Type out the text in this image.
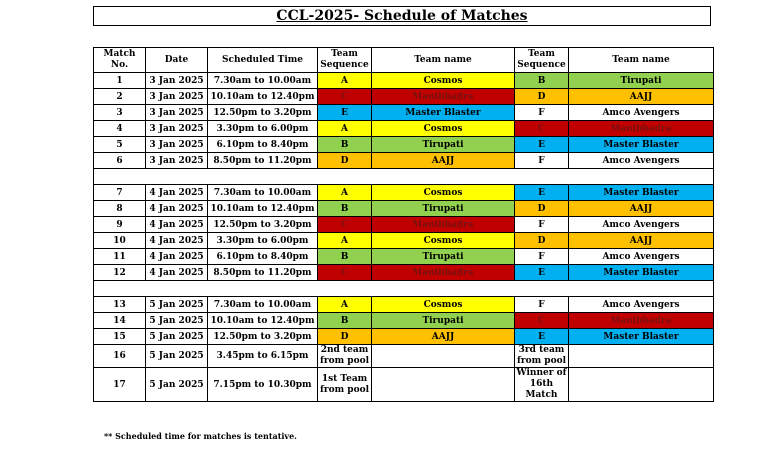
CCL-2025- Schedule of Matches
Match No.	Date	Scheduled Time	Team Sequence	Team name	Team Sequence	Team name
1	3 Jan 2025	7.30am to 10.00am	A	Cosmos	B	Tirupati
2	3 Jan 2025	10.10am to 12.40pm	C	Manibhadra	D	AAJJ
3	3 Jan 2025	12.50pm to 3.20pm	E	Master Blaster	F	Amco Avengers
4	3 Jan 2025	3.30pm to 6.00pm	A	Cosmos	C	Manibhadra
5	3 Jan 2025	6.10pm to 8.40pm	B	Tirupati	E	Master Blaster
6	3 Jan 2025	8.50pm to 11.20pm	D	AAJJ	F	Amco Avengers

7	4 Jan 2025	7.30am to 10.00am	A	Cosmos	E	Master Blaster
8	4 Jan 2025	10.10am to 12.40pm	B	Tirupati	D	AAJJ
9	4 Jan 2025	12.50pm to 3.20pm	C	Manibhadra	F	Amco Avengers
10	4 Jan 2025	3.30pm to 6.00pm	A	Cosmos	D	AAJJ
11	4 Jan 2025	6.10pm to 8.40pm	B	Tirupati	F	Amco Avengers
12	4 Jan 2025	8.50pm to 11.20pm	C	Manibhadra	E	Master Blaster

13	5 Jan 2025	7.30am to 10.00am	A	Cosmos	F	Amco Avengers
14	5 Jan 2025	10.10am to 12.40pm	B	Tirupati	C	Manibhadra
15	5 Jan 2025	12.50pm to 3.20pm	D	AAJJ	E	Master Blaster
16	5 Jan 2025	3.45pm to 6.15pm	2nd team from pool		3rd team from pool	
17	5 Jan 2025	7.15pm to 10.30pm	1st Team from pool		Winner of 16th Match	
** Scheduled time for matches is tentative.
